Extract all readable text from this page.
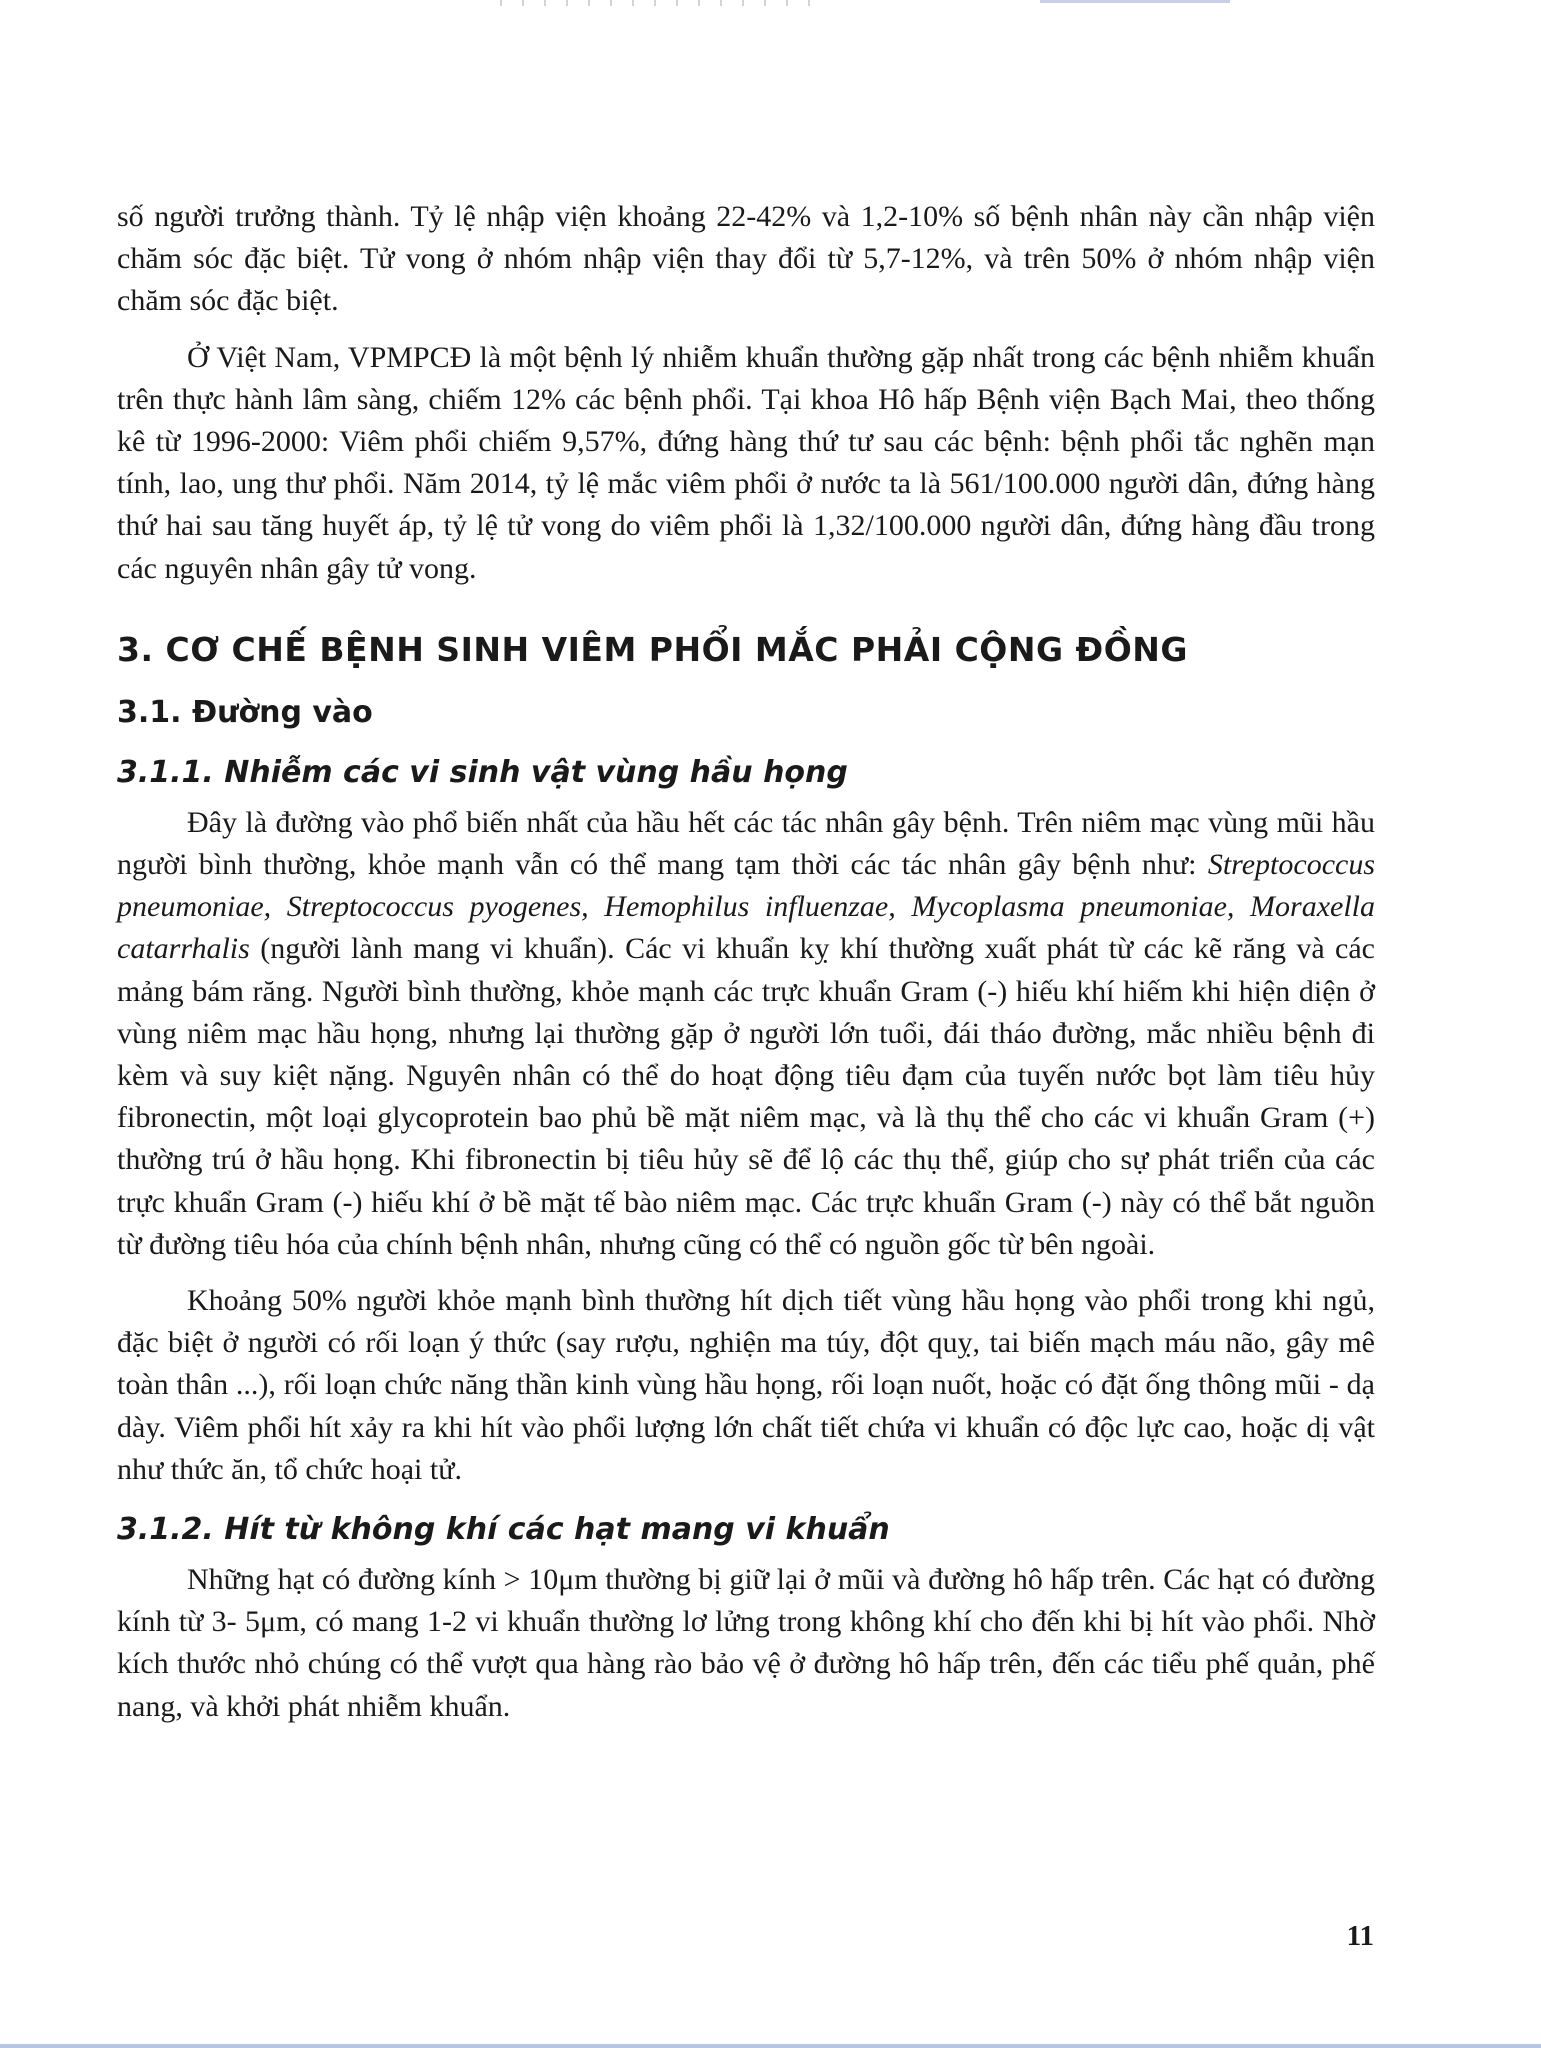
số người trưởng thành. Tỷ lệ nhập viện khoảng 22-42% và 1,2-10% số bệnh nhân này cần nhập viện chăm sóc đặc biệt. Tử vong ở nhóm nhập viện thay đổi từ 5,7-12%, và trên 50% ở nhóm nhập viện chăm sóc đặc biệt.

Ở Việt Nam, VPMPCĐ là một bệnh lý nhiễm khuẩn thường gặp nhất trong các bệnh nhiễm khuẩn trên thực hành lâm sàng, chiếm 12% các bệnh phổi. Tại khoa Hô hấp Bệnh viện Bạch Mai, theo thống kê từ 1996-2000: Viêm phổi chiếm 9,57%, đứng hàng thứ tư sau các bệnh: bệnh phổi tắc nghẽn mạn tính, lao, ung thư phổi. Năm 2014, tỷ lệ mắc viêm phổi ở nước ta là 561/100.000 người dân, đứng hàng thứ hai sau tăng huyết áp, tỷ lệ tử vong do viêm phổi là 1,32/100.000 người dân, đứng hàng đầu trong các nguyên nhân gây tử vong.

3. CƠ CHẾ BỆNH SINH VIÊM PHỔI MẮC PHẢI CỘNG ĐỒNG
3.1. Đường vào
3.1.1. Nhiễm các vi sinh vật vùng hầu họng

Đây là đường vào phổ biến nhất của hầu hết các tác nhân gây bệnh. Trên niêm mạc vùng mũi hầu người bình thường, khỏe mạnh vẫn có thể mang tạm thời các tác nhân gây bệnh như: Streptococcus pneumoniae, Streptococcus pyogenes, Hemophilus influenzae, Mycoplasma pneumoniae, Moraxella catarrhalis (người lành mang vi khuẩn). Các vi khuẩn kỵ khí thường xuất phát từ các kẽ răng và các mảng bám răng. Người bình thường, khỏe mạnh các trực khuẩn Gram (-) hiếu khí hiếm khi hiện diện ở vùng niêm mạc hầu họng, nhưng lại thường gặp ở người lớn tuổi, đái tháo đường, mắc nhiều bệnh đi kèm và suy kiệt nặng. Nguyên nhân có thể do hoạt động tiêu đạm của tuyến nước bọt làm tiêu hủy fibronectin, một loại glycoprotein bao phủ bề mặt niêm mạc, và là thụ thể cho các vi khuẩn Gram (+) thường trú ở hầu họng. Khi fibronectin bị tiêu hủy sẽ để lộ các thụ thể, giúp cho sự phát triển của các trực khuẩn Gram (-) hiếu khí ở bề mặt tế bào niêm mạc. Các trực khuẩn Gram (-) này có thể bắt nguồn từ đường tiêu hóa của chính bệnh nhân, nhưng cũng có thể có nguồn gốc từ bên ngoài.

Khoảng 50% người khỏe mạnh bình thường hít dịch tiết vùng hầu họng vào phổi trong khi ngủ, đặc biệt ở người có rối loạn ý thức (say rượu, nghiện ma túy, đột quỵ, tai biến mạch máu não, gây mê toàn thân ...), rối loạn chức năng thần kinh vùng hầu họng, rối loạn nuốt, hoặc có đặt ống thông mũi - dạ dày. Viêm phổi hít xảy ra khi hít vào phổi lượng lớn chất tiết chứa vi khuẩn có độc lực cao, hoặc dị vật như thức ăn, tổ chức hoại tử.

3.1.2. Hít từ không khí các hạt mang vi khuẩn

Những hạt có đường kính > 10μm thường bị giữ lại ở mũi và đường hô hấp trên. Các hạt có đường kính từ 3- 5μm, có mang 1-2 vi khuẩn thường lơ lửng trong không khí cho đến khi bị hít vào phổi. Nhờ kích thước nhỏ chúng có thể vượt qua hàng rào bảo vệ ở đường hô hấp trên, đến các tiểu phế quản, phế nang, và khởi phát nhiễm khuẩn.

11
